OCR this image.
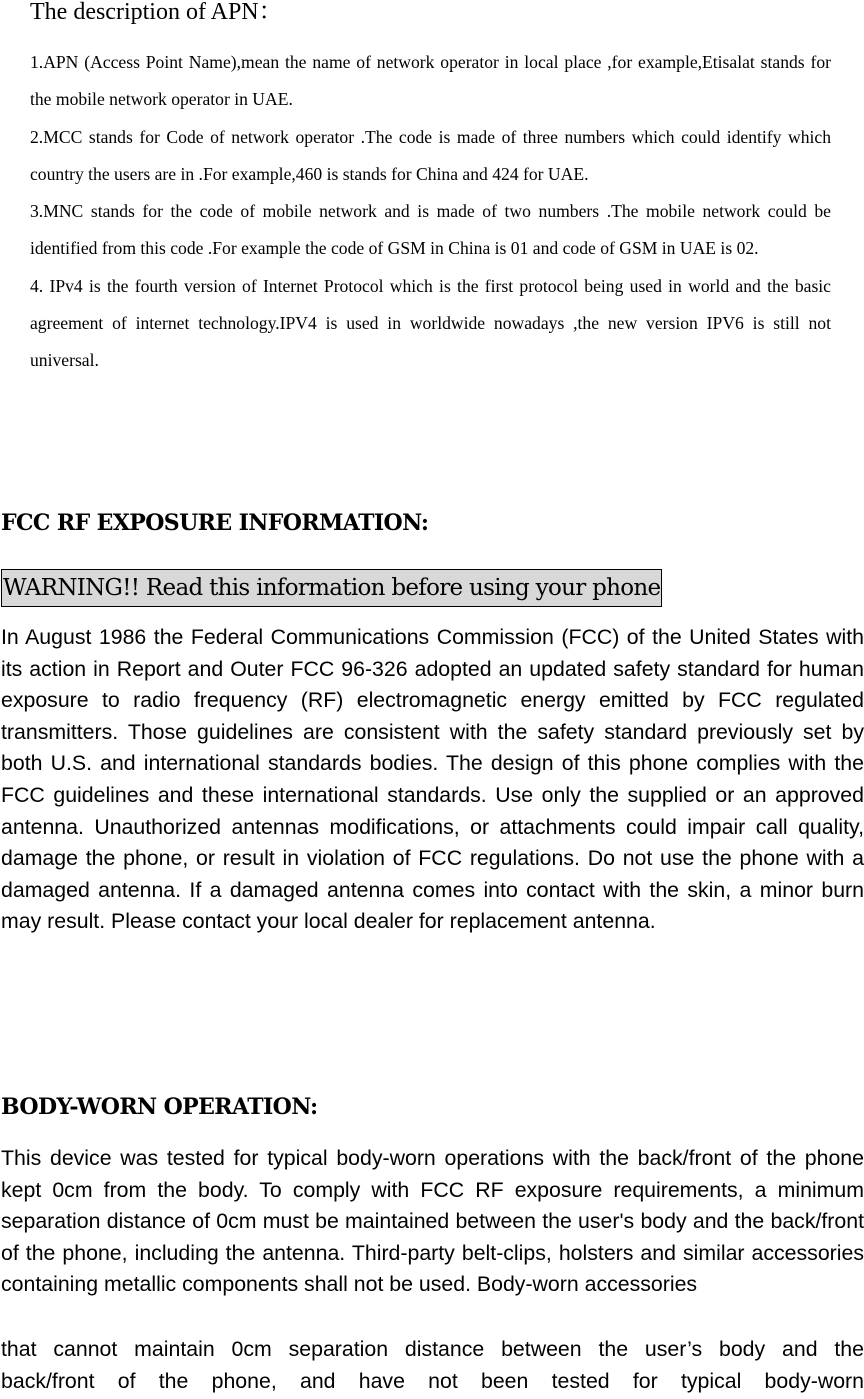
The description of APN：

1.APN (Access Point Name),mean the name of network operator in local place ,for example,Etisalat stands for the mobile network operator in UAE.

2.MCC stands for Code of network operator .The code is made of three numbers which could identify which country the users are in .For example,460 is stands for China and 424 for UAE.

3.MNC stands for the code of mobile network and is made of two numbers .The mobile network could be identified from this code .For example the code of GSM in China is 01 and code of GSM in UAE is 02.

4. IPv4 is the fourth version of Internet Protocol which is the first protocol being used in world and the basic agreement of internet technology.IPV4 is used in worldwide nowadays ,the new version IPV6 is still not universal.

FCC RF EXPOSURE INFORMATION:
WARNING!! Read this information before using your phone

In August 1986 the Federal Communications Commission (FCC) of the United States with its action in Report and Outer FCC 96-326 adopted an updated safety standard for human exposure to radio frequency (RF) electromagnetic energy emitted by FCC regulated transmitters. Those guidelines are consistent with the safety standard previously set by both U.S. and international standards bodies. The design of this phone complies with the FCC guidelines and these international standards. Use only the supplied or an approved antenna. Unauthorized antennas modifications, or attachments could impair call quality, damage the phone, or result in violation of FCC regulations. Do not use the phone with a damaged antenna. If a damaged antenna comes into contact with the skin, a minor burn may result. Please contact your local dealer for replacement antenna.

BODY-WORN OPERATION:

This device was tested for typical body-worn operations with the back/front of the phone kept 0cm from the body. To comply with FCC RF exposure requirements, a minimum separation distance of 0cm must be maintained between the user's body and the back/front of the phone, including the antenna. Third-party belt-clips, holsters and similar accessories containing metallic components shall not be used. Body-worn accessories

that cannot maintain 0cm separation distance between the user’s body and the
back/front of the phone, and have not been tested for typical body-worn
